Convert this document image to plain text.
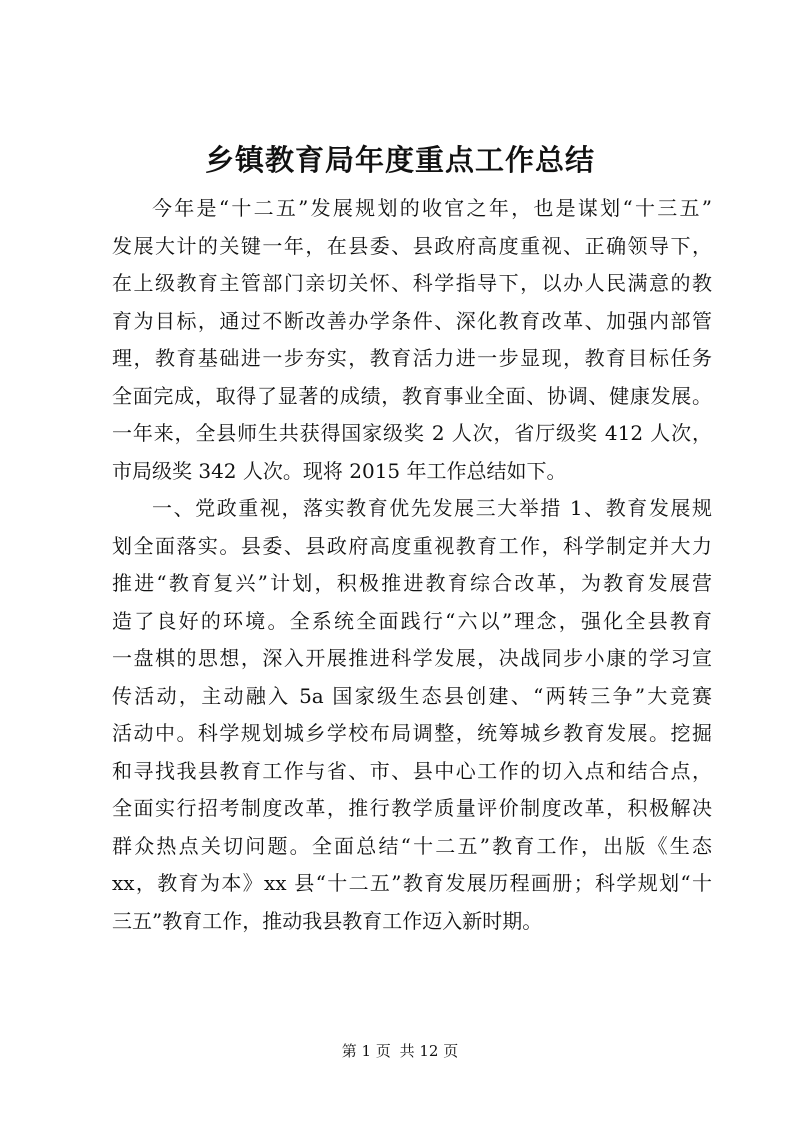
乡镇教育局年度重点工作总结

今年是“十二五”发展规划的收官之年，也是谋划“十三五”
发展大计的关键一年，在县委、县政府高度重视、正确领导下，
在上级教育主管部门亲切关怀、科学指导下，以办人民满意的教
育为目标，通过不断改善办学条件、深化教育改革、加强内部管
理，教育基础进一步夯实，教育活力进一步显现，教育目标任务
全面完成，取得了显著的成绩，教育事业全面、协调、健康发展。
一年来，全县师生共获得国家级奖 2 人次，省厅级奖 412 人次，
市局级奖 342 人次。现将 2015 年工作总结如下。

一、党政重视，落实教育优先发展三大举措 1、教育发展规
划全面落实。县委、县政府高度重视教育工作，科学制定并大力
推进“教育复兴”计划，积极推进教育综合改革，为教育发展营
造了良好的环境。全系统全面践行“六以”理念，强化全县教育
一盘棋的思想，深入开展推进科学发展，决战同步小康的学习宣
传活动，主动融入 5a 国家级生态县创建、“两转三争”大竞赛
活动中。科学规划城乡学校布局调整，统筹城乡教育发展。挖掘
和寻找我县教育工作与省、市、县中心工作的切入点和结合点，
全面实行招考制度改革，推行教学质量评价制度改革，积极解决
群众热点关切问题。全面总结“十二五”教育工作，出版《生态
xx，教育为本》xx 县“十二五”教育发展历程画册；科学规划“十
三五”教育工作，推动我县教育工作迈入新时期。

第 1 页 共 12 页
